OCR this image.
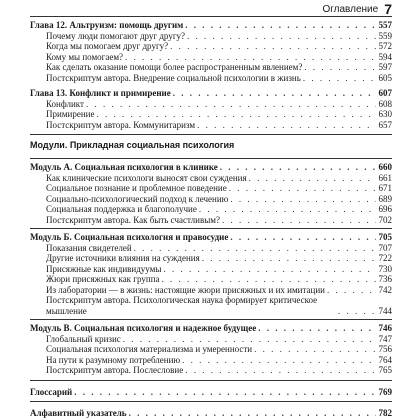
Оглавление 7
Глава 12. Альтруизм: помощь другим . . .	557
Почему люди помогают друг другу? . . .	559
Когда мы помогаем друг другу? . . .	572
Кому мы помогаем? . . .	594
Как сделать оказание помощи более распространенным явлением? . . .	597
Постскриптум автора. Внедрение социальной психологии в жизнь . . .	605
Глава 13. Конфликт и примирение . . .	607
Конфликт . . .	608
Примирение . . .	630
Постскриптум автора. Коммунитаризм . . .	657
Модули. Прикладная социальная психология
Модуль А. Социальная психология в клинике . . .	660
Как клинические психологи выносят свои суждения . . .	661
Социальное познание и проблемное поведение . . .	671
Социально-психологический подход к лечению . . .	689
Социальная поддержка и благополучие . . .	696
Постскриптум автора. Как быть счастливым? . . .	702
Модуль Б. Социальная психология и правосудие . . .	705
Показания свидетелей . . .	707
Другие источники влияния на суждения . . .	722
Присяжные как индивидуумы . . .	730
Жюри присяжных как группа . . .	736
Из лаборатории — в жизнь: настоящие жюри присяжных и их имитации . . .	742
Постскриптум автора. Психологическая наука формирует критическое мышление . . .	744
Модуль В. Социальная психология и надежное будущее . . .	746
Глобальный кризис . . .	747
Социальная психология материализма и умеренности . . .	756
На пути к разумному потреблению . . .	764
Постскриптум автора. Послесловие . . .	765
Глоссарий . . .	769
Алфавитный указатель . . .	782
